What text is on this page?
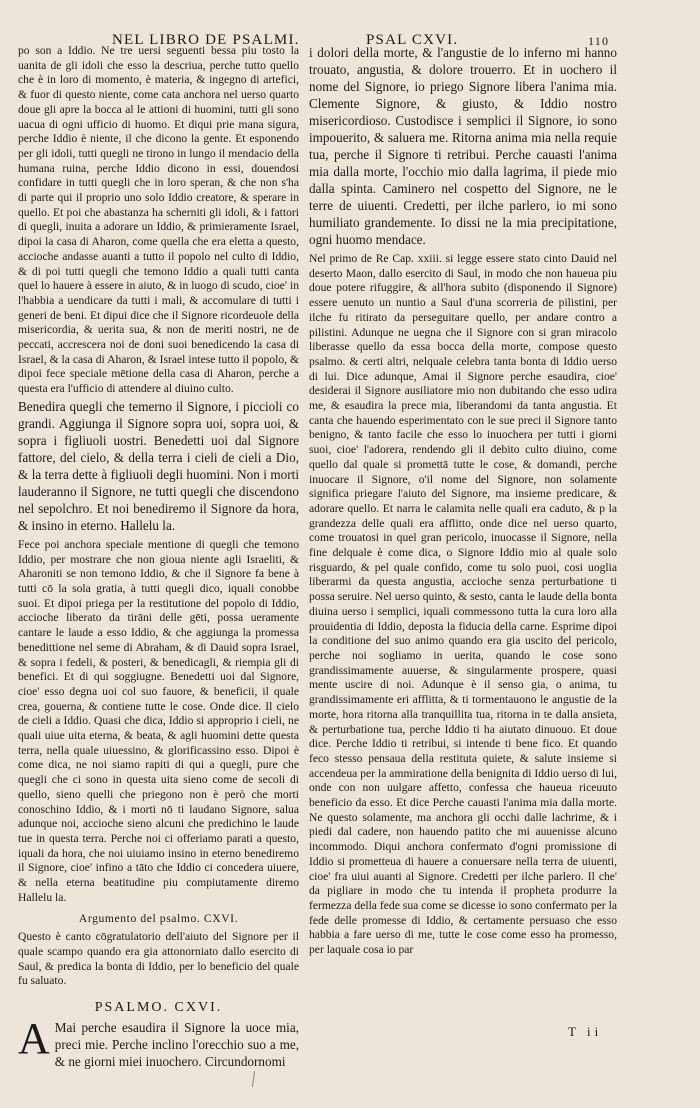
NEL LIBRO DE PSALMI.	PSAL CXVI.	110

po son a Iddio. Ne tre uersi seguenti bessa piu tosto la uanita de gli idoli che esso la descriua, perche tutto quello che è in loro di momento, è materia, & ingegno di artefici, & fuor di questo niente, come cata anchora nel uerso quarto doue gli apre la bocca al le attioni di huomini, tutti gli sono uacua di ogni ufficio di huomo. Et diqui prie mana sigura, perche Iddio è niente, il che dicono la gente. Et esponendo per gli idoli, tutti quegli ne tirono in lungo il mendacio della humana ruina, perche Iddio dicono in essi, douendosi confidare in tutti quegli che in loro speran, & che non s'ha di parte qui il proprio uno solo Iddio creatore, & sperare in quello. Et poi che abastanza ha scherniti gli idoli, & i fattori di quegli, inuita a adorare un Iddio, & primieramente Israel, dipoi la casa di Aharon, come quella che era eletta a questo, accioche andasse auanti a tutto il popolo nel culto di Iddio, & di poi tutti quegli che temono Iddio a quali tutti canta quel lo hauere à essere in aiuto, & in luogo di scudo, cioe' in l'habbia a uendicare da tutti i mali, & accomulare di tutti i generi de beni. Et dipui dice che il Signore ricordeuole della misericordia, & uerita sua, & non de meriti nostri, ne de peccati, accrescera noi de doni suoi benedicendo la casa di Israel, & la casa di Aharon, & Israel intese tutto il popolo, & dipoi fece speciale mētione della casa di Aharon, perche a questa era l'ufficio di attendere al diuino culto.

Benedira quegli che temerno il Signore, i piccioli co grandi. Aggiunga il Signore sopra uoi, sopra uoi, & sopra i figliuoli uostri. Benedetti uoi dal Signore fattore, del cielo, & della terra i cieli de cieli a Dio, & la terra dette à figliuoli degli huomini. Non i morti lauderanno il Signore, ne tutti quegli che discendono nel sepolchro. Et noi benediremo il Signore da hora, & insino in eterno. Hallelu la.

Fece poi anchora speciale mentione di quegli che temono Iddio, per mostrare che non gioua niente agli Israeliti, & Aharoniti se non temono Iddio, & che il Signore fa bene à tutti cō la sola gratia, à tutti quegli dico, iquali conobbe suoi. Et dipoi priega per la restitutione del popolo di Iddio, accioche liberato da tirāni delle gēti, possa ueramente cantare le laude a esso Iddio, & che aggiunga la promessa benedittione nel seme di Abraham, & di Dauid sopra Israel, & sopra i fedeli, & posteri, & benedicagli, & riempia gli di benefici. Et di qui soggiugne. Benedetti uoi dal Signore, cioe' esso degna uoi col suo fauore, & beneficii, il quale crea, gouerna, & contiene tutte le cose. Onde dice. Il cielo de cieli a Iddio. Quasi che dica, Iddio si approprio i cieli, ne quali uiue uita eterna, & beata, & agli huomini dette questa terra, nella quale uiuessino, & glorificassino esso. Dipoi è come dica, ne noi siamo rapiti di qui a quegli, pure che quegli che ci sono in questa uita sieno come de secoli di quello, sieno quelli che priegono non è però che morti conoschino Iddio, & i morti nō ti laudano Signore, salua adunque noi, accioche sieno alcuni che predichino le laude tue in questa terra. Perche noi ci offeriamo parati a questo, iquali da hora, che noi uiuiamo insino in eterno benediremo il Signore, cioe' infino a tāto che Iddio ci concedera uiuere, & nella eterna beatitudine piu compiutamente diremo Hallelu la.

Argumento del psalmo. CXVI.

Questo è canto cōgratulatorio dell'aiuto del Signore per il quale scampo quando era gia attonorniato dallo esercito di Saul, & predica la bonta di Iddio, per lo beneficio del quale fu saluato.

PSALMO. CXVI.

A Mai perche esaudira il Signore la uoce mia, preci mie. Perche inclino l'orecchio suo a me, & ne giorni miei inuochero. Circundornomi

i dolori della morte, & l'angustie de lo inferno mi hanno trouato, angustia, & dolore trouerro. Et in uochero il nome del Signore, io priego Signore libera l'anima mia. Clemente Signore, & giusto, & Iddio nostro misericordioso. Custodisce i semplici il Signore, io sono impouerito, & saluera me. Ritorna anima mia nella requie tua, perche il Signore ti retribui. Perche cauasti l'anima mia dalla morte, l'occhio mio dalla lagrima, il piede mio dalla spinta. Caminero nel cospetto del Signore, ne le terre de uiuenti. Credetti, per ilche parlero, io mi sono humiliato grandemente. Io dissi ne la mia precipitatione, ogni huomo mendace.

Nel primo de Re Cap. xxiii. si legge essere stato cinto Dauid nel deserto Maon, dallo esercito di Saul, in modo che non haueua piu doue potere rifuggire, & all'hora subito (disponendo il Signore) essere uenuto un nuntio a Saul d'una scorreria de pilistini, per ilche fu ritirato da perseguitare quello, per andare contro a pilistini. Adunque ne uegna che il Signore con si gran miracolo liberasse quello da essa bocca della morte, compose questo psalmo. & certi altri, nelquale celebra tanta bonta di Iddio uerso di lui. Dice adunque, Amai il Signore perche esaudira, cioe' desiderai il Signore ausiliatore mio non dubitando che esso udira me, & esaudira la prece mia, liberandomi da tanta angustia. Et canta che hauendo esperimentato con le sue preci il Signore tanto benigno, & tanto facile che esso lo inuochera per tutti i giorni suoi, cioe' l'adorera, rendendo gli il debito culto diuino, come quello dal quale si promettā tutte le cose, & domandi, perche inuocare il Signore, o'il nome del Signore, non solamente significa priegare l'aiuto del Signore, ma insieme predicare, & adorare quello. Et narra le calamita nelle quali era caduto, & p la grandezza delle quali era afflitto, onde dice nel uerso quarto, come trouatosi in quel gran pericolo, inuocasse il Signore, nella fine delquale è come dica, o Signore Iddio mio al quale solo risguardo, & pel quale confido, come tu solo puoi, cosi uoglia liberarmi da questa angustia, accioche senza perturbatione ti possa seruire. Nel uerso quinto, & sesto, canta le laude della bonta diuina uerso i semplici, iquali commessono tutta la cura loro alla prouidentia di Iddio, deposta la fiducia della carne. Esprime dipoi la conditione del suo animo quando era gia uscito del pericolo, perche noi sogliamo in uerita, quando le cose sono grandissimamente auuerse, & singularmente prospere, quasi mente uscire di noi. Adunque è il senso gia, o anima, tu grandissimamente eri afflitta, & ti tormentauono le angustie de la morte, hora ritorna alla tranquillita tua, ritorna in te dalla ansieta, & perturbatione tua, perche Iddio ti ha aiutato dinuouo. Et doue dice. Perche Iddio ti retribui, si intende ti bene fico. Et quando feco stesso pensaua della restituta quiete, & salute insieme si accendeua per la ammiratione della benignita di Iddio uerso di lui, onde con non uulgare affetto, confessa che haueua riceuuto beneficio da esso. Et dice Perche cauasti l'anima mia dalla morte. Ne questo solamente, ma anchora gli occhi dalle lachrime, & i piedi dal cadere, non hauendo patito che mi auuenisse alcuno incommodo. Diqui anchora confermato d'ogni promissione di Iddio si prometteua di hauere a conuersare nella terra de uiuenti, cioe' fra uiui auanti al Signore. Credetti per ilche parlero. Il che' da pigliare in modo che tu intenda il propheta produrre la fermezza della fede sua come se dicesse io sono confermato per la fede delle promesse di Iddio, & certamente persuaso che esso habbia a fare uerso di me, tutte le cose come esso ha promesso, per laquale cosa io par

T ii
